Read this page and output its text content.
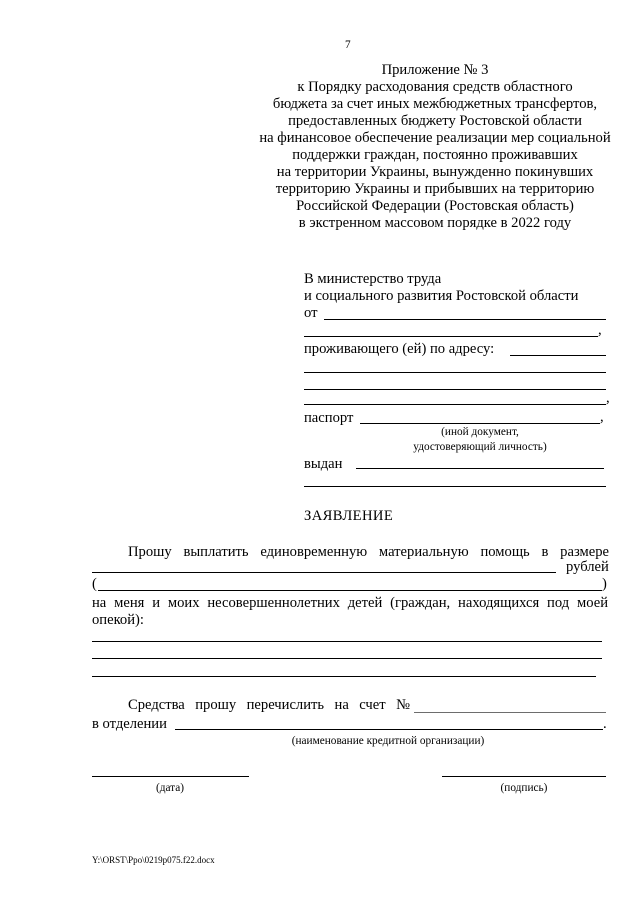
7
Приложение № 3
к Порядку расходования средств областного
бюджета за счет иных межбюджетных трансфертов,
предоставленных бюджету Ростовской области
на финансовое обеспечение реализации мер социальной
поддержки граждан, постоянно проживавших
на территории Украины, вынужденно покинувших
территорию Украины и прибывших на территорию
Российской Федерации (Ростовская область)
в экстренном массовом порядке в 2022 году
В министерство труда
и социального развития Ростовской области
от
,
проживающего (ей) по адресу:
,
паспорт	,
(иной документ,
удостоверяющий личность)
выдан
ЗАЯВЛЕНИЕ
Прошу выплатить единовременную материальную помощь в размере
рублей
(	)
на меня и моих несовершеннолетних детей (граждан, находящихся под моей
опекой):
Средства прошу перечислить на счет №
в отделении	.
(наименование кредитной организации)
(дата)	(подпись)
Y:\ORST\Ppo\0219p075.f22.docx
